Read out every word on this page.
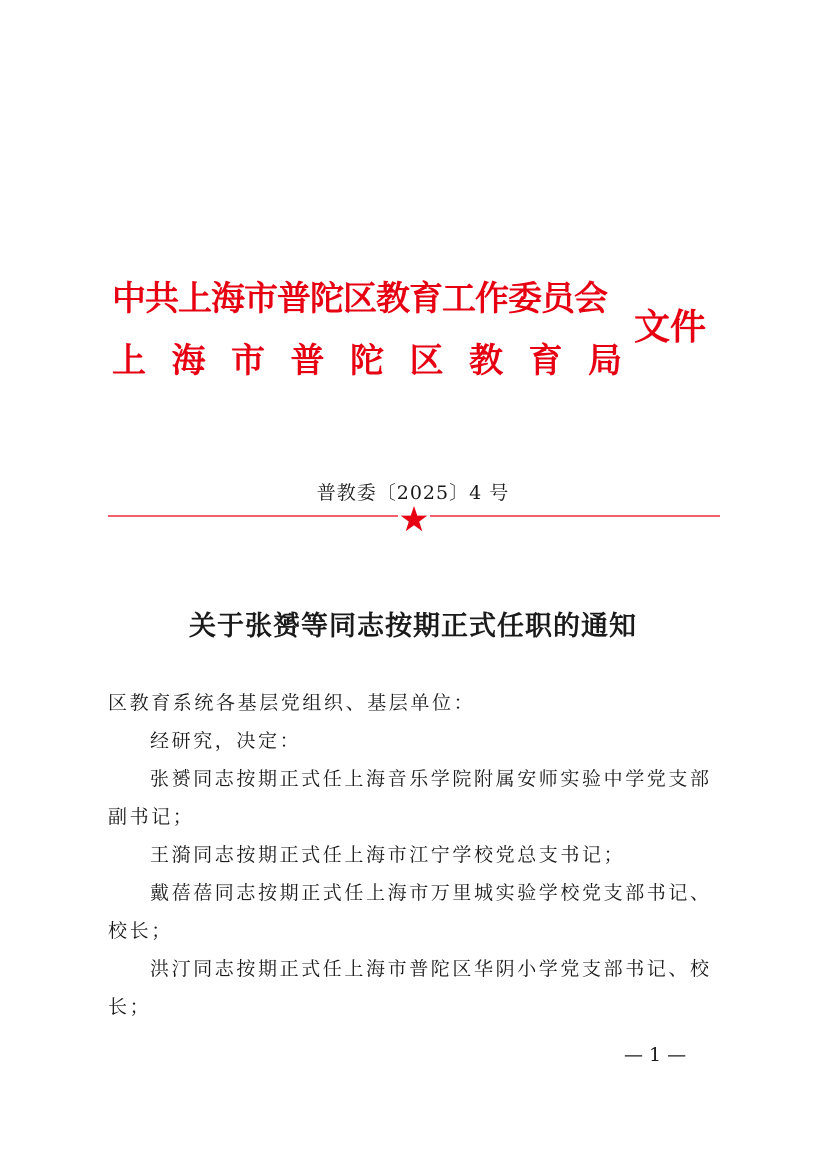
中共上海市普陀区教育工作委员会
上 海 市 普 陀 区 教 育 局
文件
普教委〔2025〕4 号
关于张赟等同志按期正式任职的通知

区教育系统各基层党组织、基层单位：

经研究，决定：

张赟同志按期正式任上海音乐学院附属安师实验中学党支部副书记；

王漪同志按期正式任上海市江宁学校党总支书记；

戴蓓蓓同志按期正式任上海市万里城实验学校党支部书记、校长；

洪汀同志按期正式任上海市普陀区华阴小学党支部书记、校长；

— 1 —
